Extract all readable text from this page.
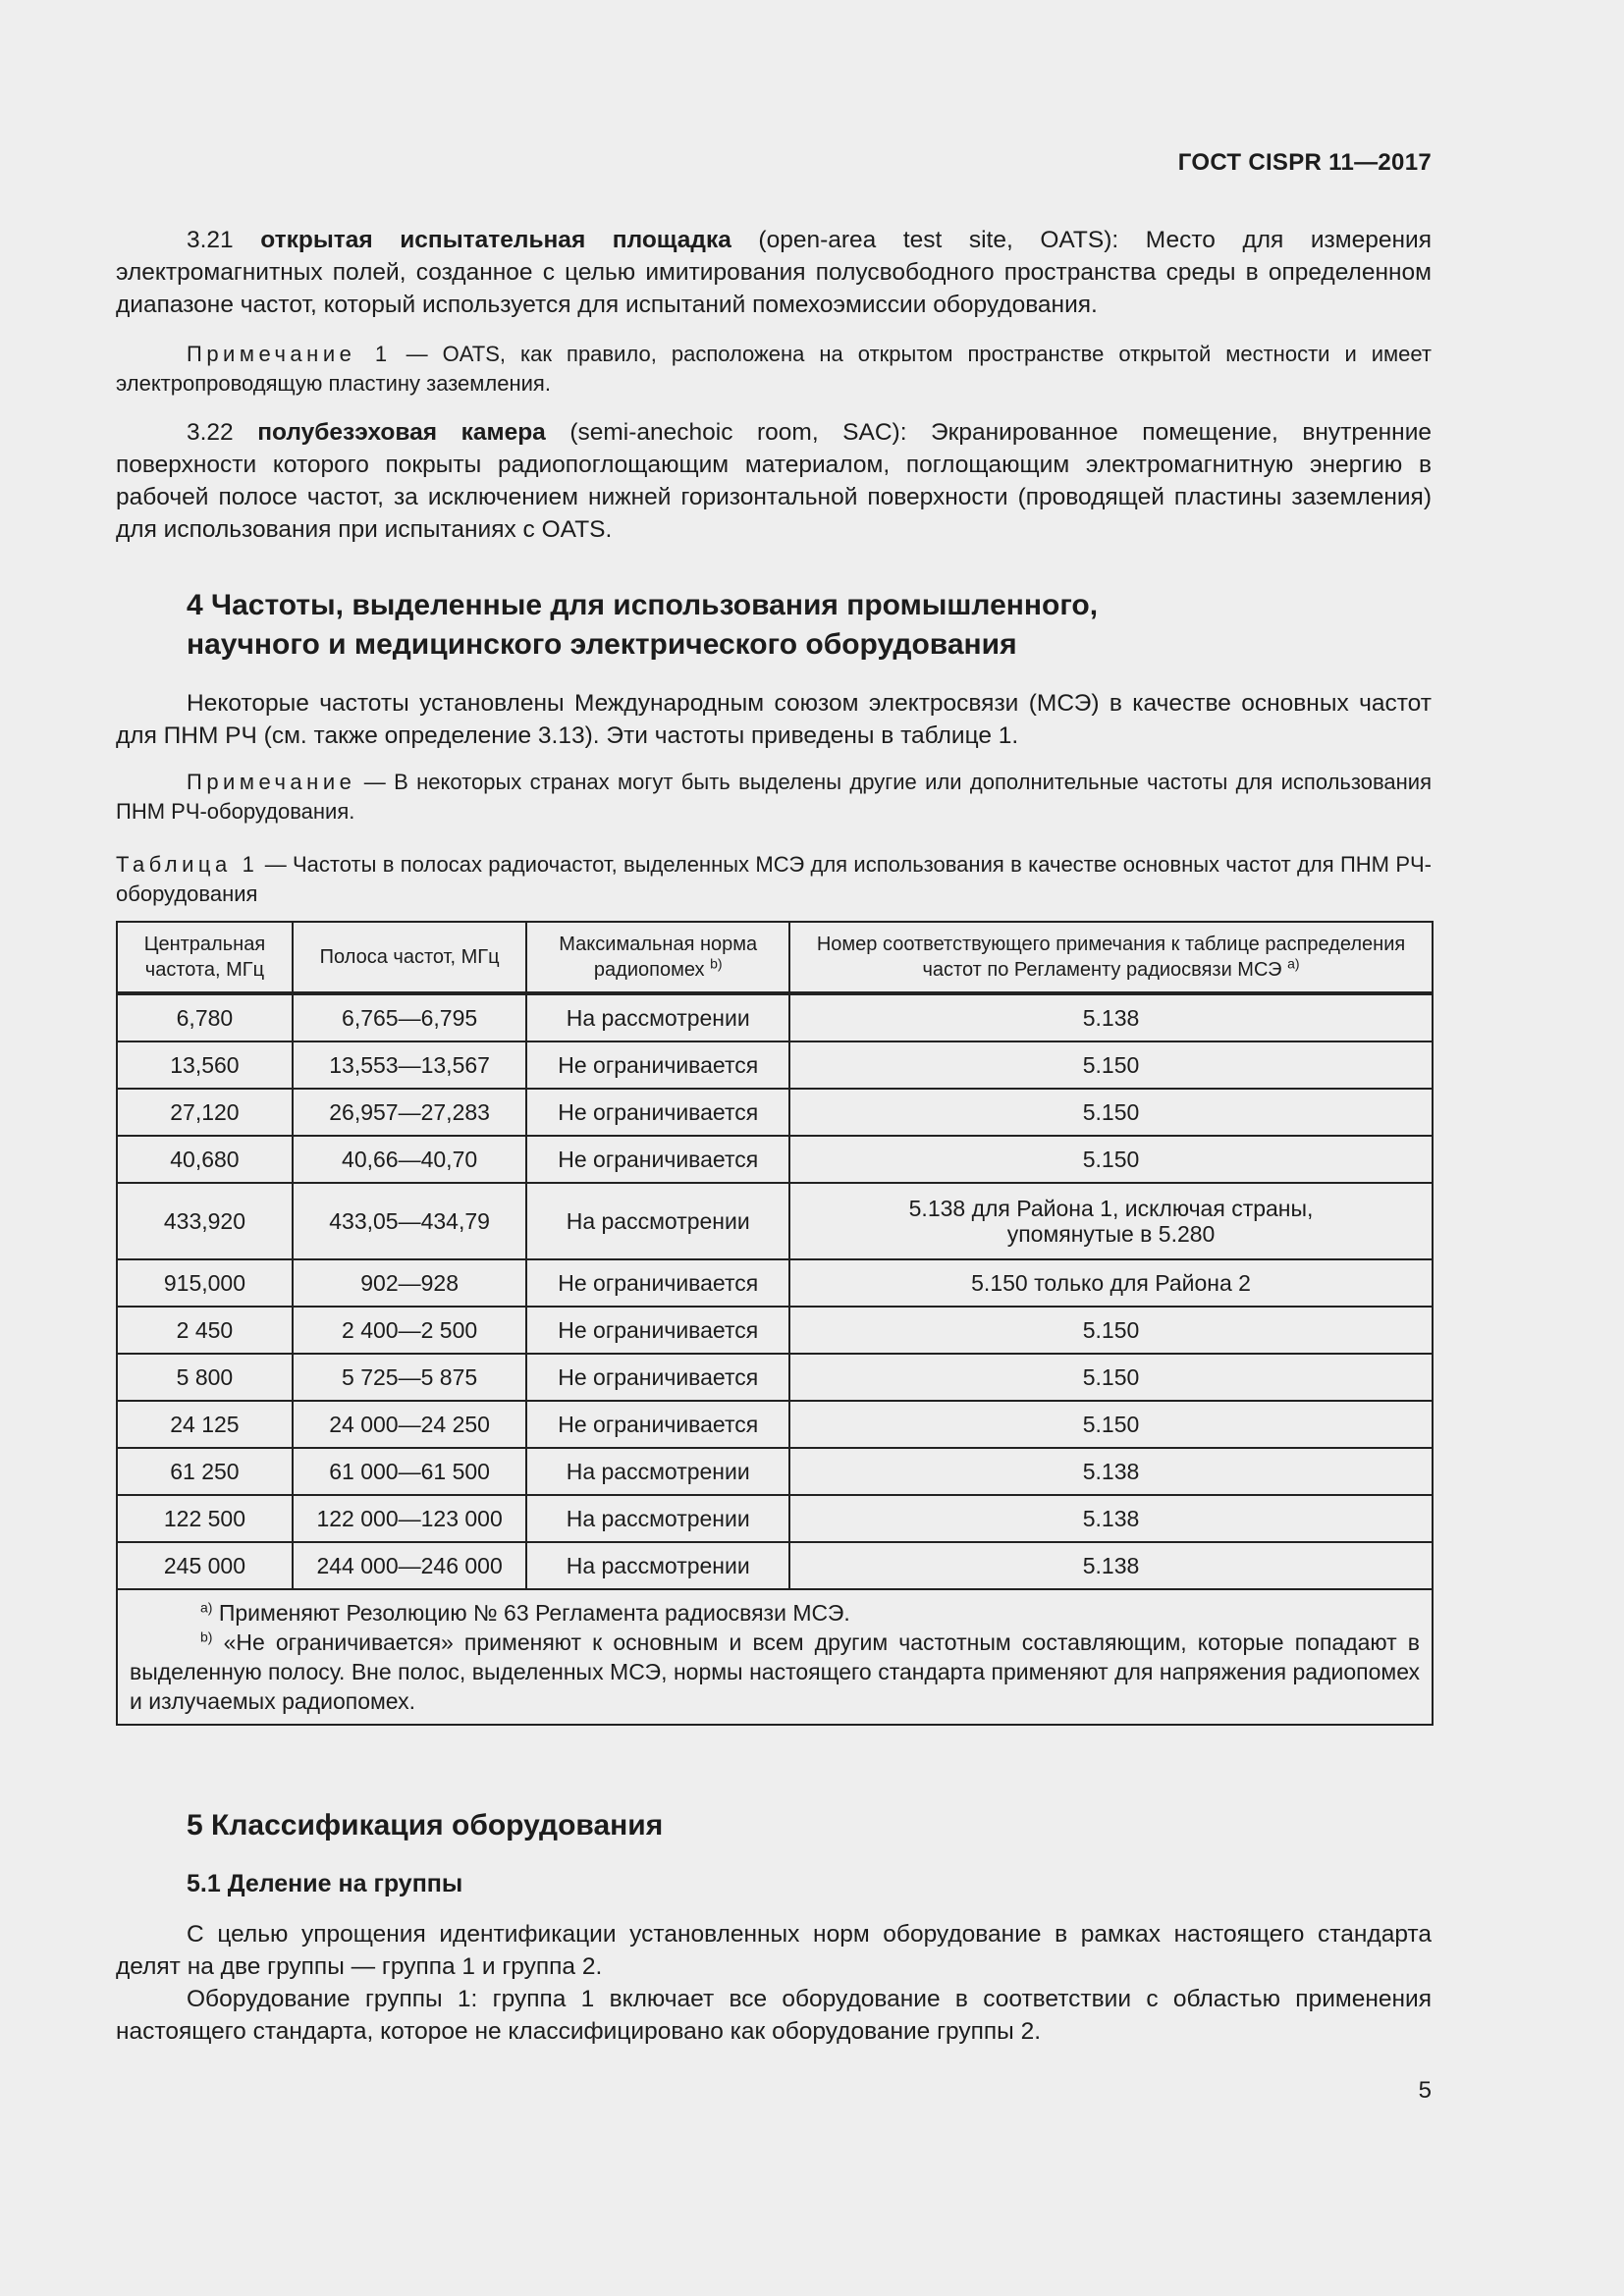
ГОСТ CISPR 11—2017

3.21 открытая испытательная площадка (open-area test site, OATS): Место для измерения электромагнитных полей, созданное с целью имитирования полусвободного пространства среды в определенном диапазоне частот, который используется для испытаний помехоэмиссии оборудования.

Примечание 1 — OATS, как правило, расположена на открытом пространстве открытой местности и имеет электропроводящую пластину заземления.

3.22 полубезэховая камера (semi-anechoic room, SAC): Экранированное помещение, внутренние поверхности которого покрыты радиопоглощающим материалом, поглощающим электромагнитную энергию в рабочей полосе частот, за исключением нижней горизонтальной поверхности (проводящей пластины заземления) для использования при испытаниях с OATS.

4 Частоты, выделенные для использования промышленного,

научного и медицинского электрического оборудования

Некоторые частоты установлены Международным союзом электросвязи (МСЭ) в качестве основных частот для ПНМ РЧ (см. также определение 3.13). Эти частоты приведены в таблице 1.

Примечание — В некоторых странах могут быть выделены другие или дополнительные частоты для использования ПНМ РЧ-оборудования.

Таблица 1 — Частоты в полосах радиочастот, выделенных МСЭ для использования в качестве основных частот для ПНМ РЧ-оборудования

Центральная частота, МГц	Полоса частот, МГц	Максимальная норма радиопомех $^{b)}$	Номер соответствующего примечания к таблице распределения частот по Регламенту радиосвязи МСЭ $^{a)}$
6,780	6,765—6,795	На рассмотрении	5.138
13,560	13,553—13,567	Не ограничивается	5.150
27,120	26,957—27,283	Не ограничивается	5.150
40,680	40,66—40,70	Не ограничивается	5.150
433,920	433,05—434,79	На рассмотрении	5.138 для Района 1, исключая страны, упомянутые в 5.280
915,000	902—928	Не ограничивается	5.150 только для Района 2
2 450	2 400—2 500	Не ограничивается	5.150
5 800	5 725—5 875	Не ограничивается	5.150
24 125	24 000—24 250	Не ограничивается	5.150
61 250	61 000—61 500	На рассмотрении	5.138
122 500	122 000—123 000	На рассмотрении	5.138
245 000	244 000—246 000	На рассмотрении	5.138

$^{a)}$ Применяют Резолюцию № 63 Регламента радиосвязи МСЭ.

$^{b)}$ «Не ограничивается» применяют к основным и всем другим частотным составляющим, которые попадают в выделенную полосу. Вне полос, выделенных МСЭ, нормы настоящего стандарта применяют для напряжения радиопомех и излучаемых радиопомех.			

5 Классификация оборудования

5.1 Деление на группы

С целью упрощения идентификации установленных норм оборудование в рамках настоящего стандарта делят на две группы — группа 1 и группа 2.

Оборудование группы 1: группа 1 включает все оборудование в соответствии с областью применения настоящего стандарта, которое не классифицировано как оборудование группы 2.

5
